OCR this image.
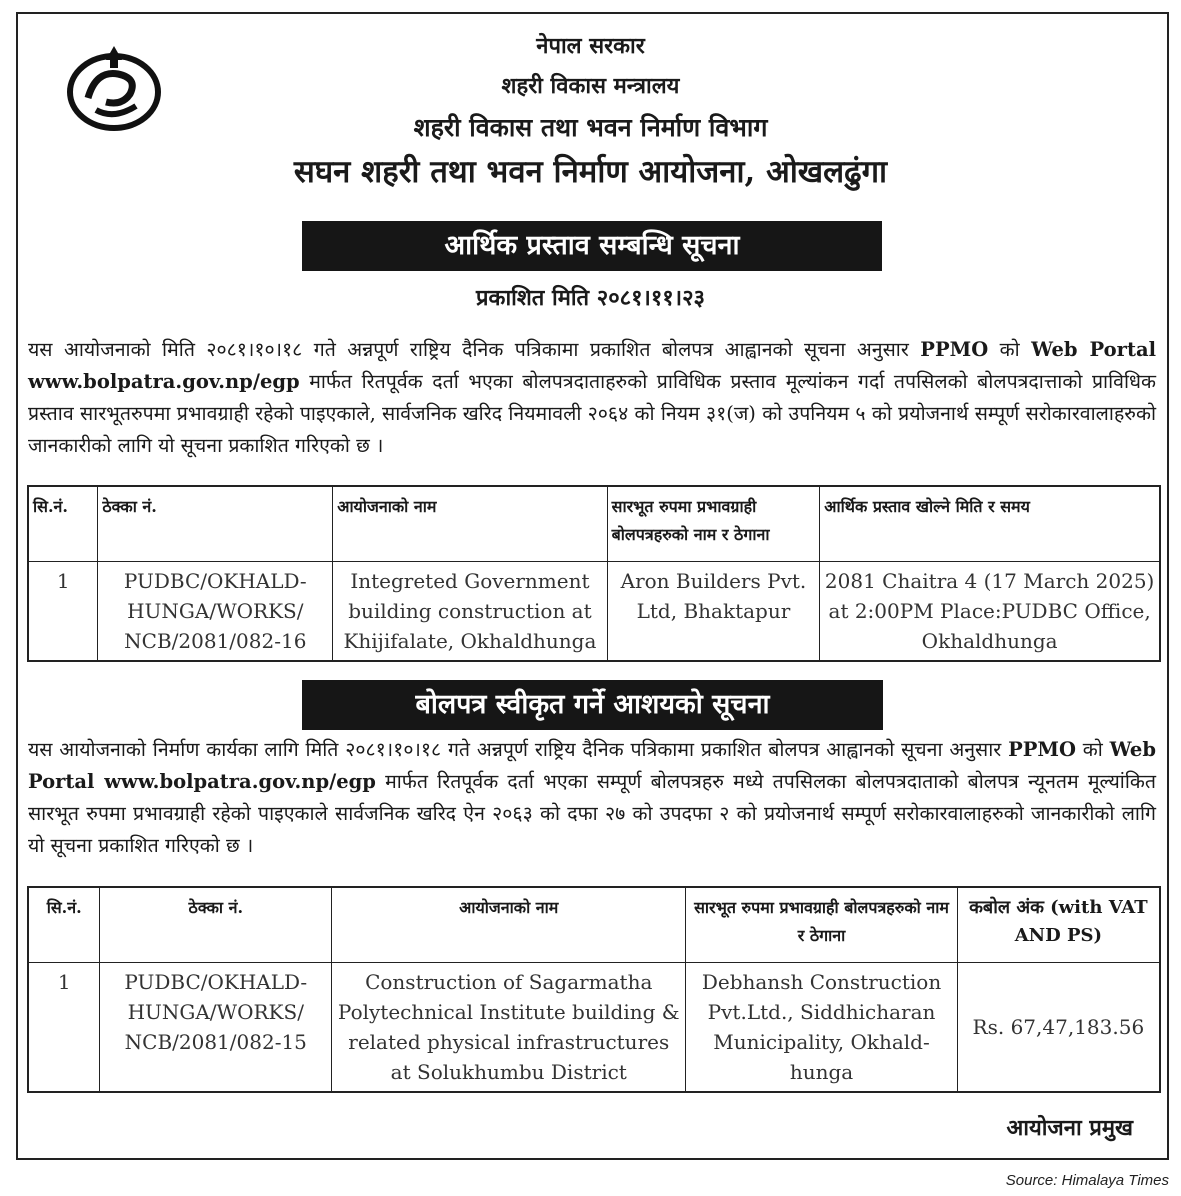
नेपाल सरकार
शहरी विकास मन्त्रालय
शहरी विकास तथा भवन निर्माण विभाग
सघन शहरी तथा भवन निर्माण आयोजना, ओखलढुंगा
आर्थिक प्रस्ताव सम्बन्धि सूचना
प्रकाशित मिति २०८१।११।२३
यस आयोजनाको मिति २०८१।१०।१८ गते अन्नपूर्ण राष्ट्रिय दैनिक पत्रिकामा प्रकाशित बोलपत्र आह्वानको सूचना अनुसार PPMO को Web Portal www.bolpatra.gov.np/egp मार्फत रितपूर्वक दर्ता भएका बोलपत्रदाताहरुको प्राविधिक प्रस्ताव मूल्यांकन गर्दा तपसिलको बोलपत्रदात्ताको प्राविधिक प्रस्ताव सारभूतरुपमा प्रभावग्राही रहेको पाइएकाले, सार्वजनिक खरिद नियमावली २०६४ को नियम ३१(ज) को उपनियम ५ को प्रयोजनार्थ सम्पूर्ण सरोकारवालाहरुको जानकारीको लागि यो सूचना प्रकाशित गरिएको छ ।
सि.नं.	ठेक्का नं.	आयोजनाको नाम	सारभूत रुपमा प्रभावग्राही बोलपत्रहरुको नाम र ठेगाना	आर्थिक प्रस्ताव खोल्ने मिति र समय
1	PUDBC/OKHALD-HUNGA/WORKS/ NCB/2081/082-16	Integreted Government building construction at Khijifalate, Okhaldhunga	Aron Builders Pvt. Ltd, Bhaktapur	2081 Chaitra 4 (17 March 2025) at 2:00PM Place:PUDBC Office, Okhaldhunga
बोलपत्र स्वीकृत गर्ने आशयको सूचना
यस आयोजनाको निर्माण कार्यका लागि मिति २०८१।१०।१८ गते अन्नपूर्ण राष्ट्रिय दैनिक पत्रिकामा प्रकाशित बोलपत्र आह्वानको सूचना अनुसार PPMO को Web Portal www.bolpatra.gov.np/egp मार्फत रितपूर्वक दर्ता भएका सम्पूर्ण बोलपत्रहरु मध्ये तपसिलका बोलपत्रदाताको बोलपत्र न्यूनतम मूल्यांकित सारभूत रुपमा प्रभावग्राही रहेको पाइएकाले सार्वजनिक खरिद ऐन २०६३ को दफा २७ को उपदफा २ को प्रयोजनार्थ सम्पूर्ण सरोकारवालाहरुको जानकारीको लागि यो सूचना प्रकाशित गरिएको छ ।
सि.नं.	ठेक्का नं.	आयोजनाको नाम	सारभूत रुपमा प्रभावग्राही बोलपत्रहरुको नाम र ठेगाना	कबोल अंक (with VAT AND PS)
1	PUDBC/OKHALD-HUNGA/WORKS/ NCB/2081/082-15	Construction of Sagarmatha Polytechnical Institute building & related physical infrastructures at Solukhumbu District	Debhansh Construction Pvt.Ltd., Siddhicharan Municipality, Okhald-hunga	Rs. 67,47,183.56
आयोजना प्रमुख
Source: Himalaya Times
